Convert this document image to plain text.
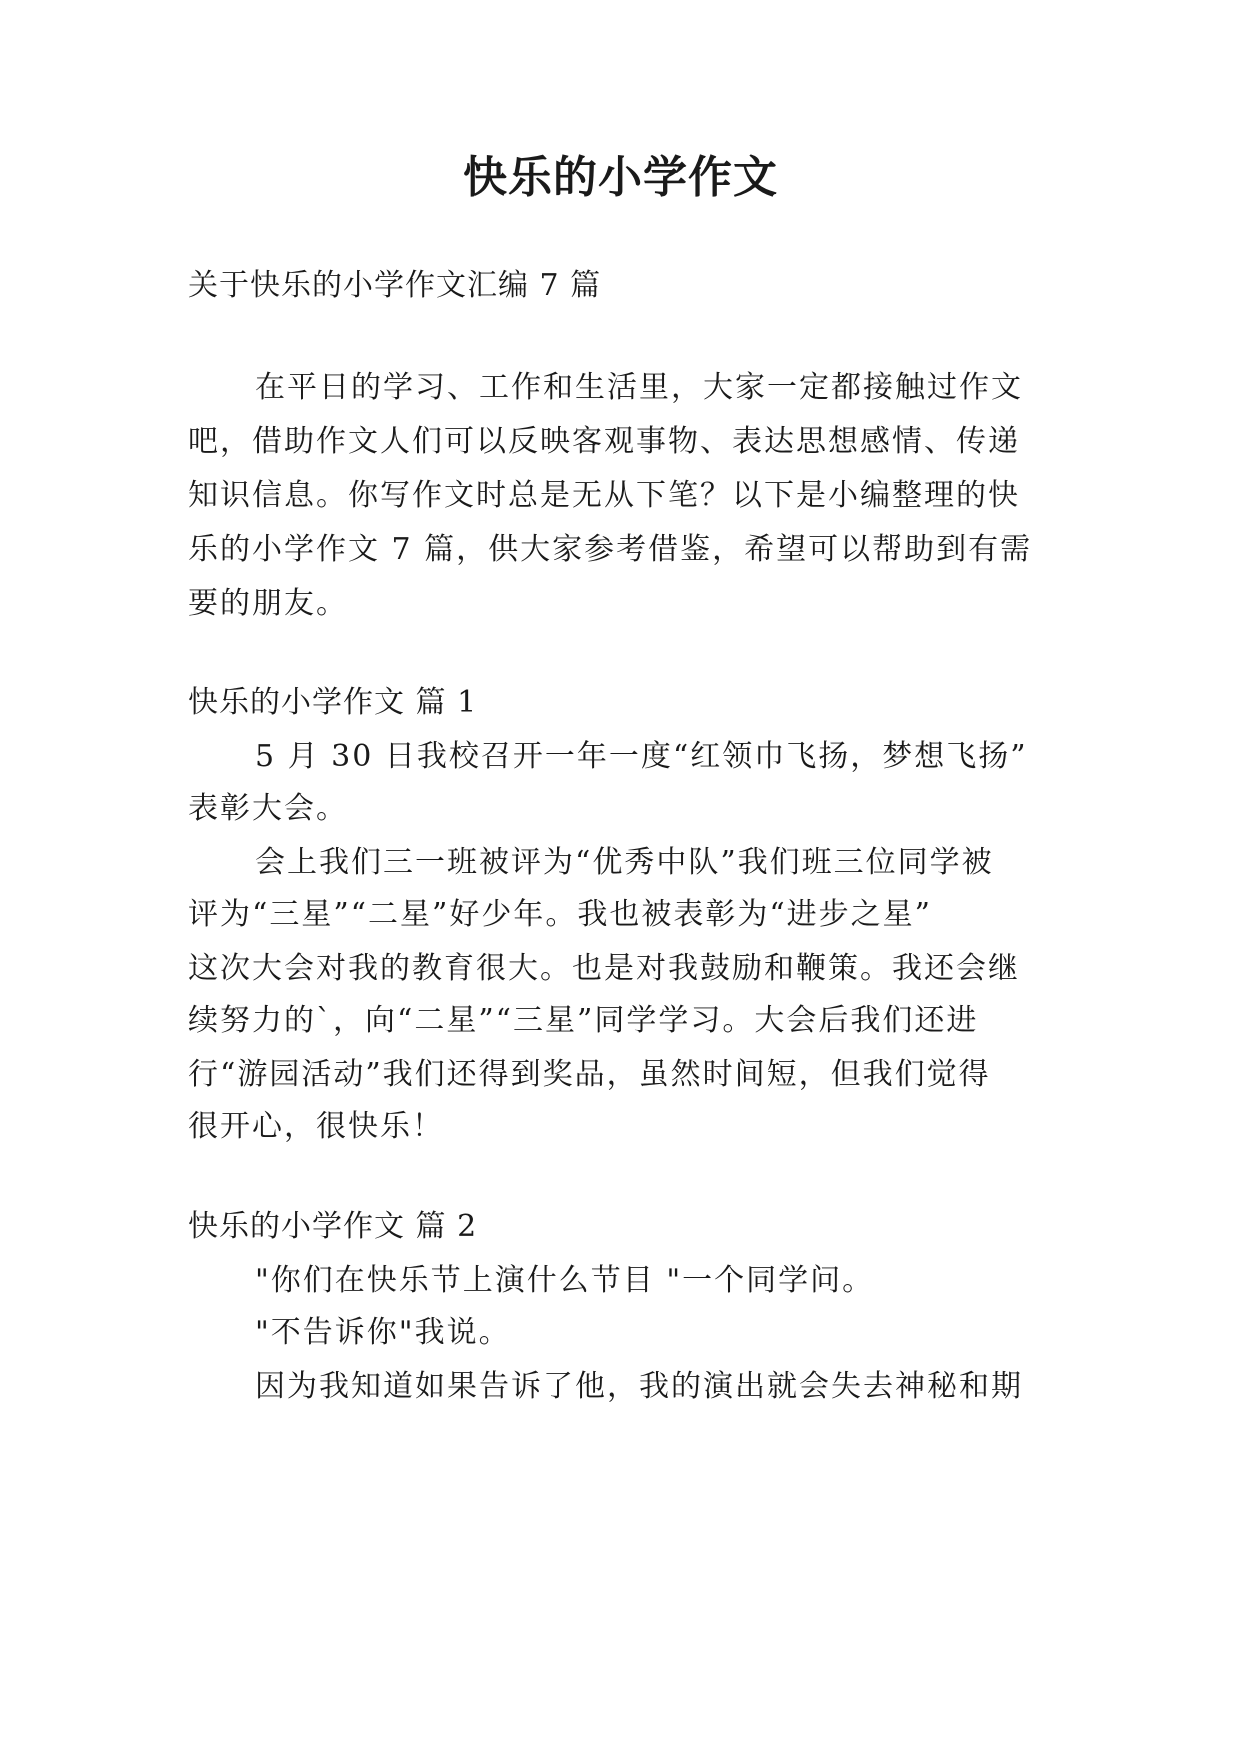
快乐的小学作文
关于快乐的小学作文汇编 7 篇
在平日的学习、工作和生活里，大家一定都接触过作文
吧，借助作文人们可以反映客观事物、表达思想感情、传递
知识信息。你写作文时总是无从下笔？以下是小编整理的快
乐的小学作文 7 篇，供大家参考借鉴，希望可以帮助到有需
要的朋友。
快乐的小学作文 篇 1
5 月 30 日我校召开一年一度“红领巾飞扬，梦想飞扬”
表彰大会。
会上我们三一班被评为“优秀中队”我们班三位同学被
评为“三星”“二星”好少年。我也被表彰为“进步之星”
这次大会对我的教育很大。也是对我鼓励和鞭策。我还会继
续努力的`，向“二星”“三星”同学学习。大会后我们还进
行“游园活动”我们还得到奖品，虽然时间短，但我们觉得
很开心，很快乐！
快乐的小学作文 篇 2
"你们在快乐节上演什么节目 "一个同学问。
"不告诉你"我说。
因为我知道如果告诉了他，我的演出就会失去神秘和期
